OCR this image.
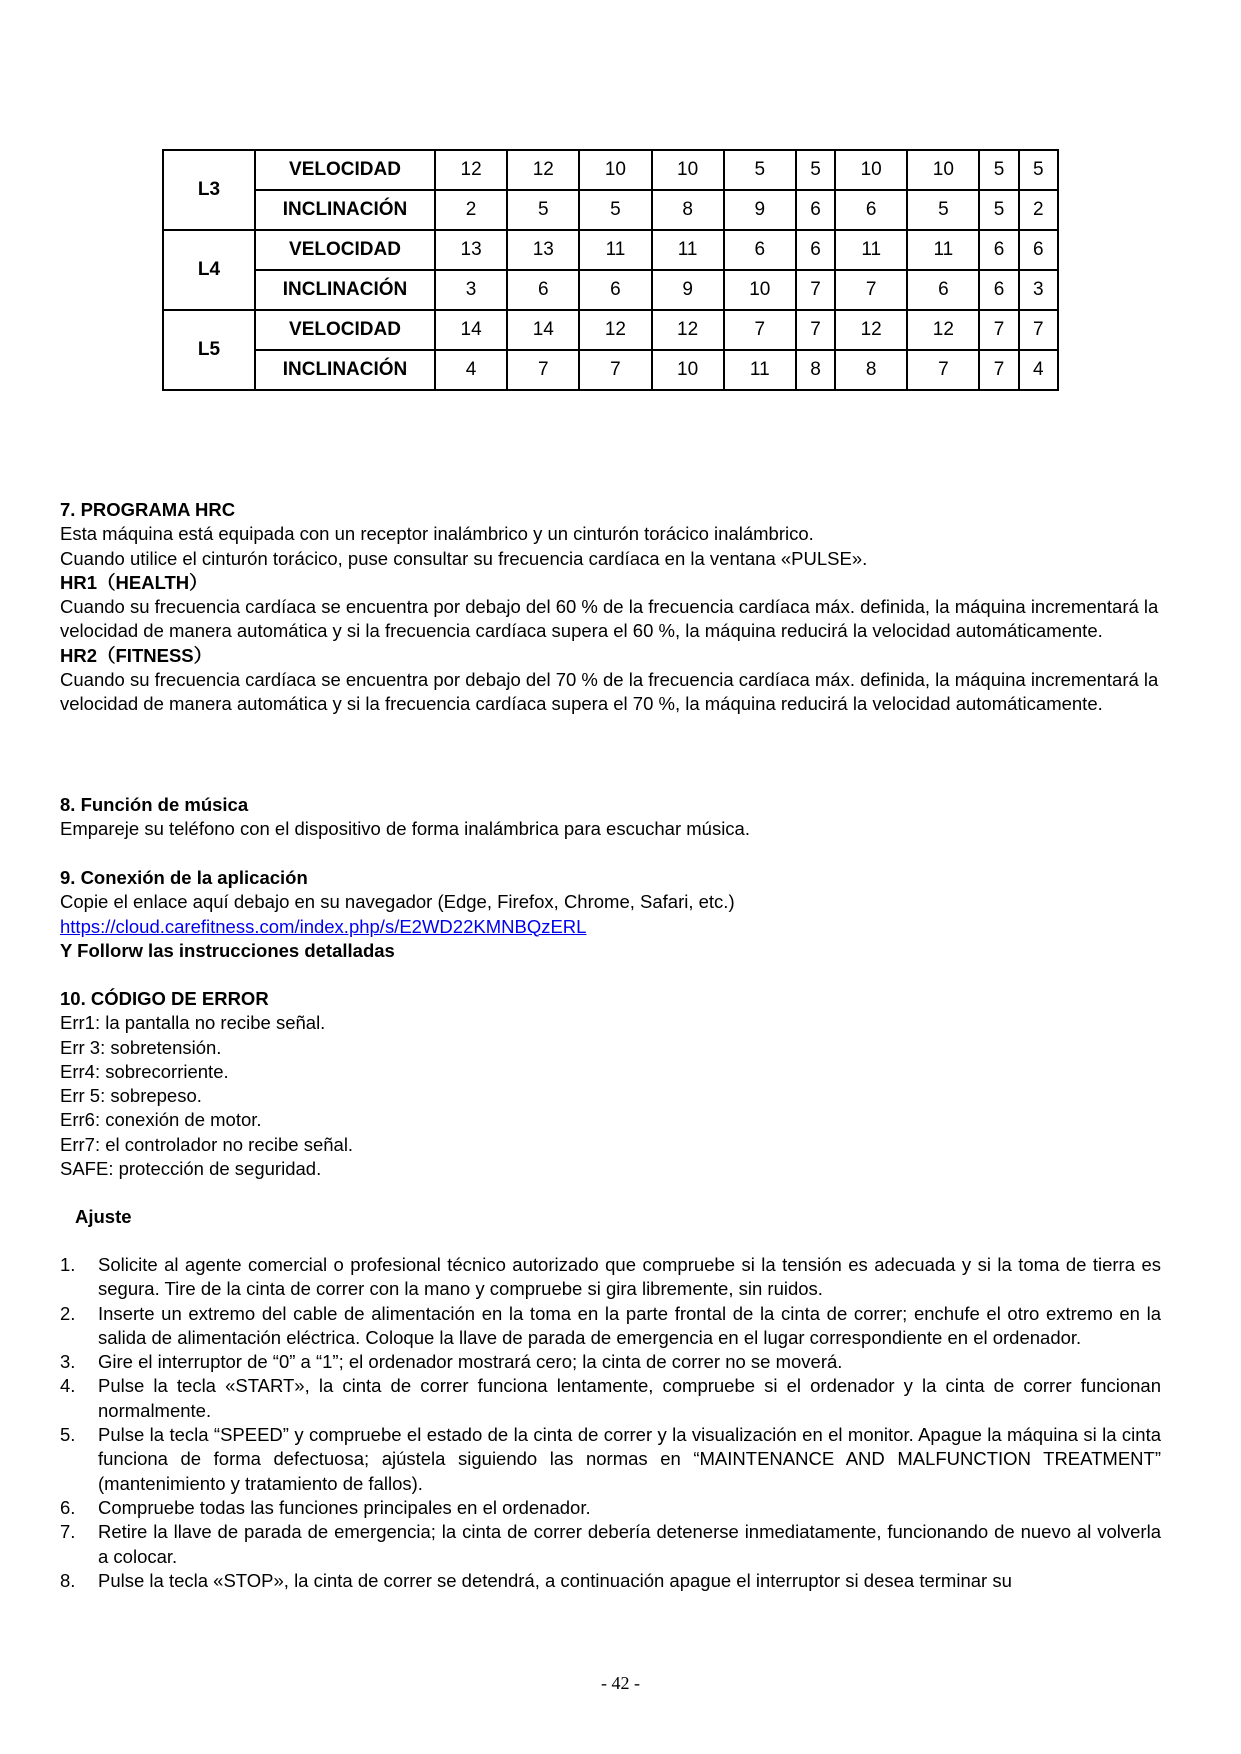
L3	VELOCIDAD	12	12	10	10	5	5	10	10	5	5
	INCLINACIÓN	2	5	5	8	9	6	6	5	5	2
L4	VELOCIDAD	13	13	11	11	6	6	11	11	6	6
	INCLINACIÓN	3	6	6	9	10	7	7	6	6	3
L5	VELOCIDAD	14	14	12	12	7	7	12	12	7	7
	INCLINACIÓN	4	7	7	10	11	8	8	7	7	4
7. PROGRAMA HRC
Esta máquina está equipada con un receptor inalámbrico y un cinturón torácico inalámbrico.
Cuando utilice el cinturón torácico, puse consultar su frecuencia cardíaca en la ventana «PULSE».
HR1（HEALTH）
Cuando su frecuencia cardíaca se encuentra por debajo del 60 % de la frecuencia cardíaca máx. definida, la máquina incrementará la velocidad de manera automática y si la frecuencia cardíaca supera el 60 %, la máquina reducirá la velocidad automáticamente.
HR2（FITNESS）
Cuando su frecuencia cardíaca se encuentra por debajo del 70 % de la frecuencia cardíaca máx. definida, la máquina incrementará la velocidad de manera automática y si la frecuencia cardíaca supera el 70 %, la máquina reducirá la velocidad automáticamente.
8. Función de música
Empareje su teléfono con el dispositivo de forma inalámbrica para escuchar música.
9. Conexión de la aplicación
Copie el enlace aquí debajo en su navegador (Edge, Firefox, Chrome, Safari, etc.)
https://cloud.carefitness.com/index.php/s/E2WD22KMNBQzERL
Y Follorw las instrucciones detalladas
10. CÓDIGO DE ERROR
Err1: la pantalla no recibe señal.
Err 3: sobretensión.
Err4: sobrecorriente.
Err 5: sobrepeso.
Err6: conexión de motor.
Err7: el controlador no recibe señal.
SAFE: protección de seguridad.
Ajuste
1. Solicite al agente comercial o profesional técnico autorizado que compruebe si la tensión es adecuada y si la toma de tierra es segura. Tire de la cinta de correr con la mano y compruebe si gira libremente, sin ruidos.
2. Inserte un extremo del cable de alimentación en la toma en la parte frontal de la cinta de correr; enchufe el otro extremo en la salida de alimentación eléctrica. Coloque la llave de parada de emergencia en el lugar correspondiente en el ordenador.
3. Gire el interruptor de “0” a “1”; el ordenador mostrará cero; la cinta de correr no se moverá.
4. Pulse la tecla «START», la cinta de correr funciona lentamente, compruebe si el ordenador y la cinta de correr funcionan normalmente.
5. Pulse la tecla “SPEED” y compruebe el estado de la cinta de correr y la visualización en el monitor. Apague la máquina si la cinta funciona de forma defectuosa; ajústela siguiendo las normas en “MAINTENANCE AND MALFUNCTION TREATMENT” (mantenimiento y tratamiento de fallos).
6. Compruebe todas las funciones principales en el ordenador.
7. Retire la llave de parada de emergencia; la cinta de correr debería detenerse inmediatamente, funcionando de nuevo al volverla a colocar.
8. Pulse la tecla «STOP», la cinta de correr se detendrá, a continuación apague el interruptor si desea terminar su
- 42 -
